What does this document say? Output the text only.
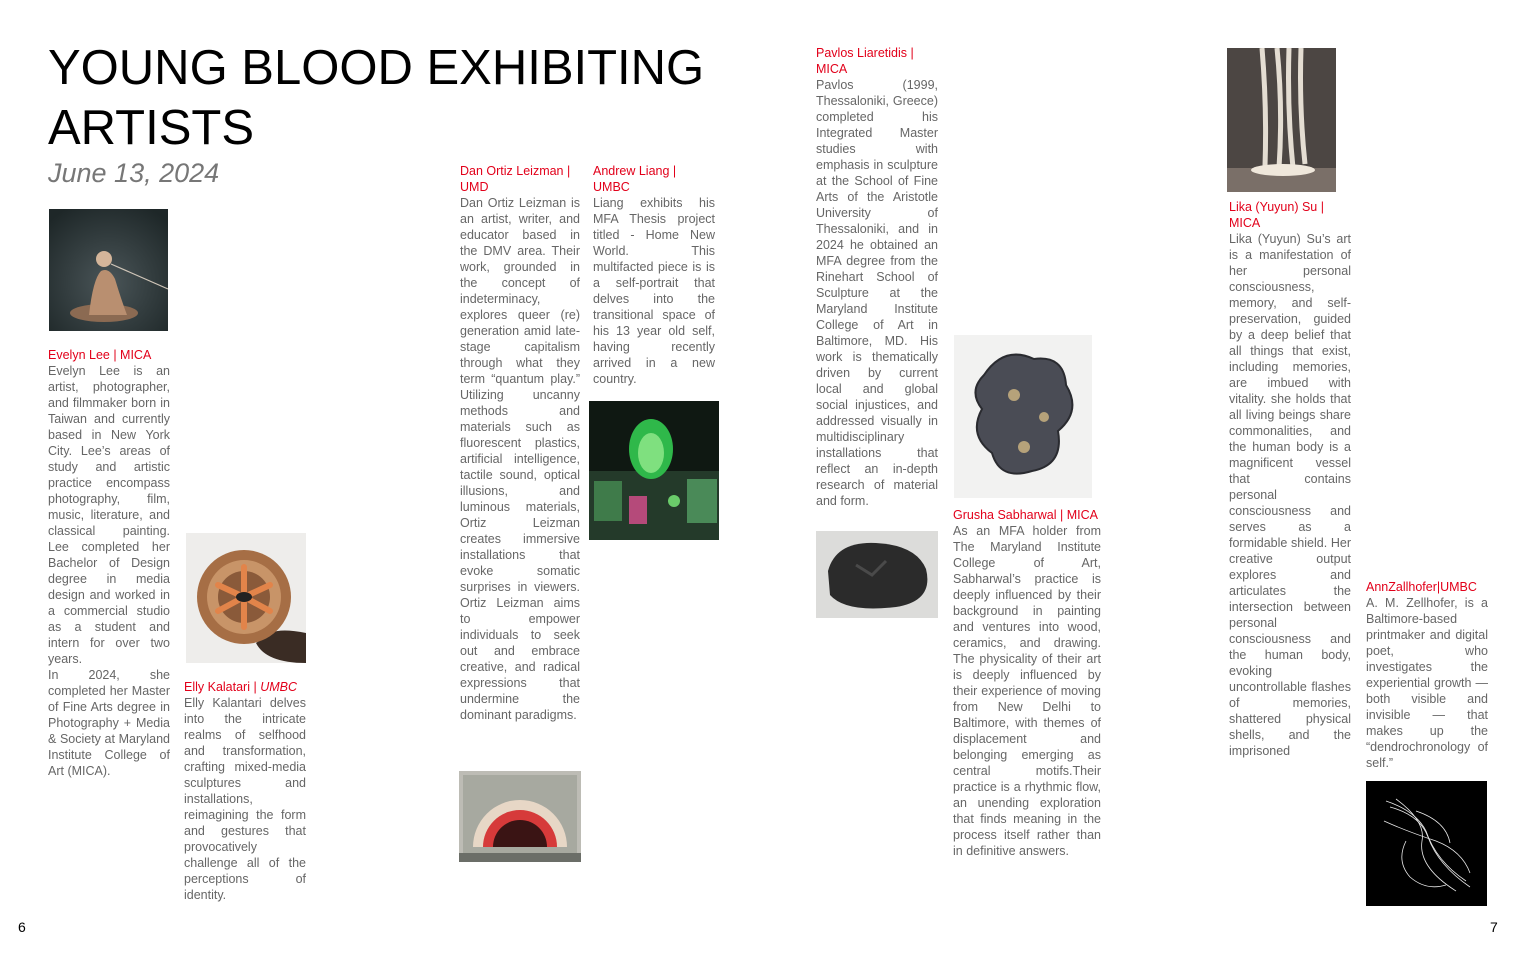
YOUNG BLOOD EXHIBITING ARTISTS
June 13, 2024
Evelyn Lee | MICA

Evelyn Lee is an artist, photographer, and filmmaker born in Taiwan and currently based in New York City. Lee’s areas of study and artistic practice encompass photography, film, music, literature, and classical painting. Lee completed her Bachelor of Design degree in media design and worked in a commercial studio as a student and intern for over two years.

In 2024, she completed her Master of Fine Arts degree in Photography + Media & Society at Maryland Institute College of Art (MICA).

Elly Kalatari | UMBC

Elly Kalantari delves into the intricate realms of selfhood and transformation, crafting mixed-media sculptures and installations, reimagining the form and gestures that provocatively challenge all of the perceptions of identity.

Dan Ortiz Leizman | UMD

Dan Ortiz Leizman is an artist, writer, and educator based in the DMV area. Their work, grounded in the concept of indeterminacy, explores queer (re) generation amid late-stage capitalism through what they term “quantum play.” Utilizing uncanny methods and materials such as fluorescent plastics, artificial intelligence, tactile sound, optical illusions, and luminous materials, Ortiz Leizman creates immersive installations that evoke somatic surprises in viewers. Ortiz Leizman aims to empower individuals to seek out and embrace creative, and radical expressions that undermine the dominant paradigms.

Andrew Liang | UMBC

Liang exhibits his MFA Thesis project titled - Home New World. This multifacted piece is is a self-portrait that delves into the transitional space of his 13 year old self, having recently arrived in a new country.

Pavlos Liaretidis | MICA

Pavlos (1999, Thessaloniki, Greece) completed his Integrated Master studies with emphasis in sculpture at the School of Fine Arts of the Aristotle University of Thessaloniki, and in 2024 he obtained an MFA degree from the Rinehart School of Sculpture at the Maryland Institute College of Art in Baltimore, MD. His work is thematically driven by current local and global social injustices, and addressed visually in multidisciplinary installations that reflect an in-depth research of material and form.

Grusha Sabharwal | MICA

As an MFA holder from The Maryland Institute College of Art, Sabharwal’s practice is deeply influenced by their background in painting and ventures into wood, ceramics, and drawing. The physicality of their art is deeply influenced by their experience of moving from New Delhi to Baltimore, with themes of displacement and belonging emerging as central motifs.Their practice is a rhythmic flow, an unending exploration that finds meaning in the process itself rather than in definitive answers.

Lika (Yuyun) Su | MICA

Lika (Yuyun) Su’s art is a manifestation of her personal consciousness, memory, and self-preservation, guided by a deep belief that all things that exist, including memories, are imbued with vitality. she holds that all living beings share commonalities, and the human body is a magnificent vessel that contains personal consciousness and serves as a formidable shield. Her creative output explores and articulates the intersection between personal consciousness and the human body, evoking uncontrollable flashes of memories, shattered physical shells, and the imprisoned

AnnZallhofer|UMBC

A. M. Zellhofer, is a Baltimore-based printmaker and digital poet, who investigates the experiential growth — both visible and invisible — that makes up the “dendrochronology of self.”

6	7
